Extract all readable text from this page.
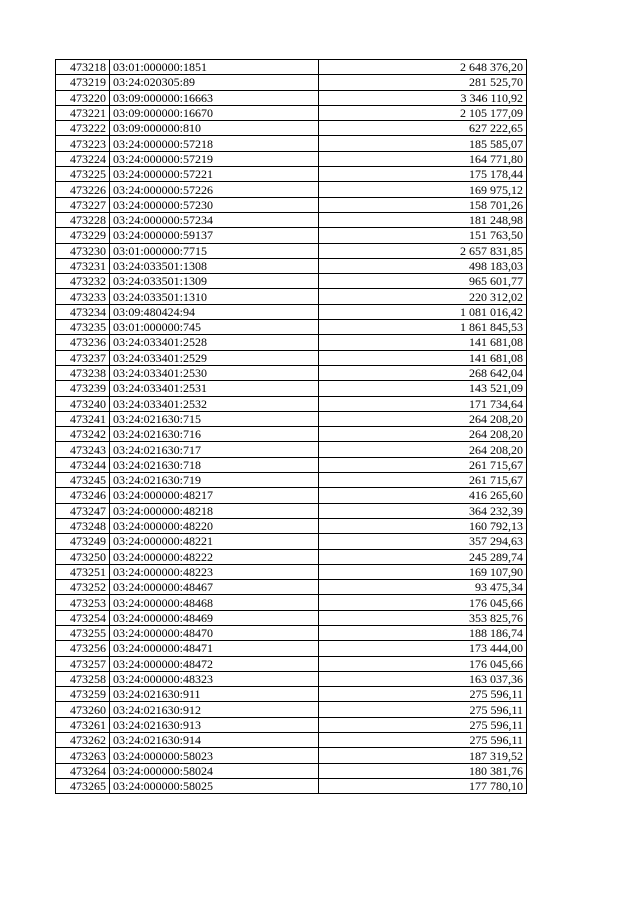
473218	03:01:000000:1851	2 648 376,20
473219	03:24:020305:89	281 525,70
473220	03:09:000000:16663	3 346 110,92
473221	03:09:000000:16670	2 105 177,09
473222	03:09:000000:810	627 222,65
473223	03:24:000000:57218	185 585,07
473224	03:24:000000:57219	164 771,80
473225	03:24:000000:57221	175 178,44
473226	03:24:000000:57226	169 975,12
473227	03:24:000000:57230	158 701,26
473228	03:24:000000:57234	181 248,98
473229	03:24:000000:59137	151 763,50
473230	03:01:000000:7715	2 657 831,85
473231	03:24:033501:1308	498 183,03
473232	03:24:033501:1309	965 601,77
473233	03:24:033501:1310	220 312,02
473234	03:09:480424:94	1 081 016,42
473235	03:01:000000:745	1 861 845,53
473236	03:24:033401:2528	141 681,08
473237	03:24:033401:2529	141 681,08
473238	03:24:033401:2530	268 642,04
473239	03:24:033401:2531	143 521,09
473240	03:24:033401:2532	171 734,64
473241	03:24:021630:715	264 208,20
473242	03:24:021630:716	264 208,20
473243	03:24:021630:717	264 208,20
473244	03:24:021630:718	261 715,67
473245	03:24:021630:719	261 715,67
473246	03:24:000000:48217	416 265,60
473247	03:24:000000:48218	364 232,39
473248	03:24:000000:48220	160 792,13
473249	03:24:000000:48221	357 294,63
473250	03:24:000000:48222	245 289,74
473251	03:24:000000:48223	169 107,90
473252	03:24:000000:48467	93 475,34
473253	03:24:000000:48468	176 045,66
473254	03:24:000000:48469	353 825,76
473255	03:24:000000:48470	188 186,74
473256	03:24:000000:48471	173 444,00
473257	03:24:000000:48472	176 045,66
473258	03:24:000000:48323	163 037,36
473259	03:24:021630:911	275 596,11
473260	03:24:021630:912	275 596,11
473261	03:24:021630:913	275 596,11
473262	03:24:021630:914	275 596,11
473263	03:24:000000:58023	187 319,52
473264	03:24:000000:58024	180 381,76
473265	03:24:000000:58025	177 780,10
